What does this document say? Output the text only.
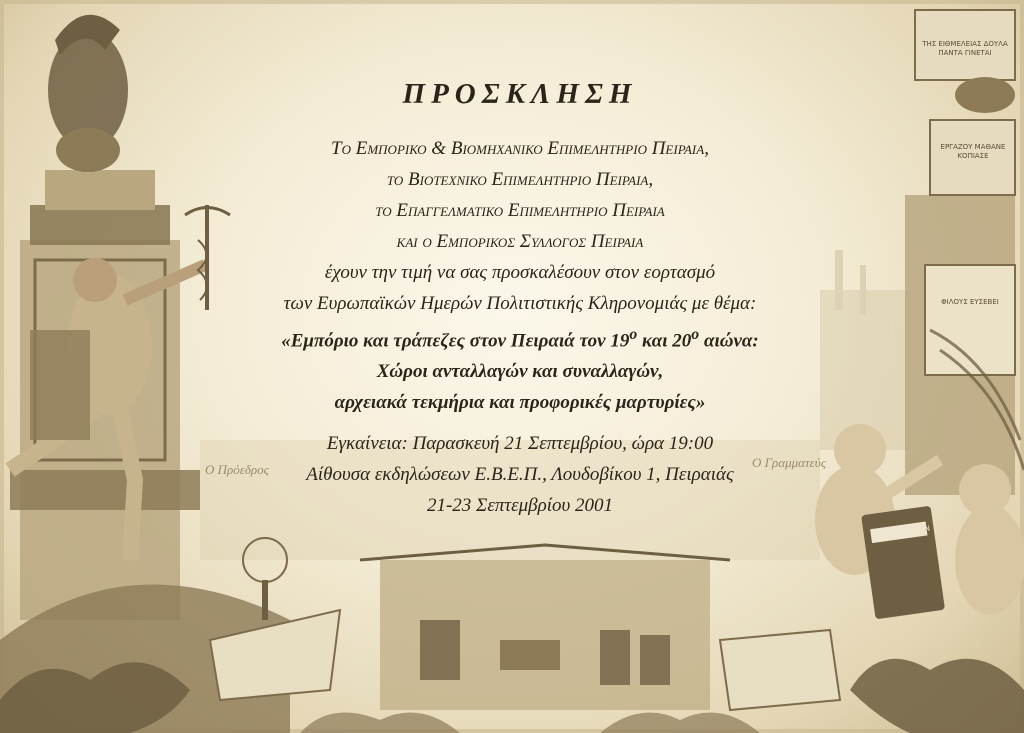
ΤΗΣ ΕΙΘΜΕΛΕΙΑΣ ΔΟΥΛΑ ΠΑΝΤΑ ΓΙΝΕΤΑΙ
ΕΡΓΑΖΟΥ ΜΑΘΑΝΕ ΚΟΠΙΑΣΕ
ΦΙΛΟΥΣ ΕΥΣΕΒΕΙ
ΗΜΕΡΟΛΟΓΙΟΝ
Ο Πρόεδρος	Ο Γραμματεύς
ΠΡΟΣΚΛΗΣΗ

Το Εμπορικο & Βιομηχανικο Επιμελητηριο Πειραια,

το Βιοτεχνικο Επιμελητηριο Πειραια,

το Επαγγελματικο Επιμελητηριο Πειραια

και ο Εμπορικος Συλλογος Πειραια

έχουν την τιμή να σας προσκαλέσουν στον εορτασμό

των Ευρωπαϊκών Ημερών Πολιτιστικής Κληρονομιάς με θέμα:

«Εμπόριο και τράπεζες στον Πειραιά τον $19^o$ και $20^o$ αιώνα:

Χώροι ανταλλαγών και συναλλαγών,

αρχειακά τεκμήρια και προφορικές μαρτυρίες»

Εγκαίνεια: Παρασκευή 21 Σεπτεμβρίου, ώρα 19:00

Αίθουσα εκδηλώσεων Ε.Β.Ε.Π., Λουδοβίκου 1, Πειραιάς

21-23 Σεπτεμβρίου 2001
